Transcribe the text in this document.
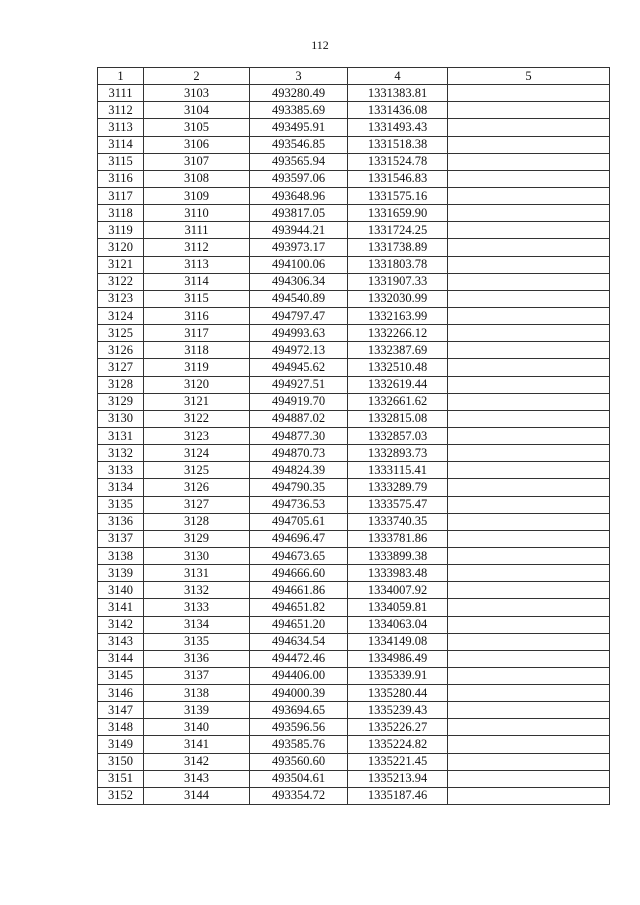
112
1	2	3	4	5
3111	3103	493280.49	1331383.81	
3112	3104	493385.69	1331436.08	
3113	3105	493495.91	1331493.43	
3114	3106	493546.85	1331518.38	
3115	3107	493565.94	1331524.78	
3116	3108	493597.06	1331546.83	
3117	3109	493648.96	1331575.16	
3118	3110	493817.05	1331659.90	
3119	3111	493944.21	1331724.25	
3120	3112	493973.17	1331738.89	
3121	3113	494100.06	1331803.78	
3122	3114	494306.34	1331907.33	
3123	3115	494540.89	1332030.99	
3124	3116	494797.47	1332163.99	
3125	3117	494993.63	1332266.12	
3126	3118	494972.13	1332387.69	
3127	3119	494945.62	1332510.48	
3128	3120	494927.51	1332619.44	
3129	3121	494919.70	1332661.62	
3130	3122	494887.02	1332815.08	
3131	3123	494877.30	1332857.03	
3132	3124	494870.73	1332893.73	
3133	3125	494824.39	1333115.41	
3134	3126	494790.35	1333289.79	
3135	3127	494736.53	1333575.47	
3136	3128	494705.61	1333740.35	
3137	3129	494696.47	1333781.86	
3138	3130	494673.65	1333899.38	
3139	3131	494666.60	1333983.48	
3140	3132	494661.86	1334007.92	
3141	3133	494651.82	1334059.81	
3142	3134	494651.20	1334063.04	
3143	3135	494634.54	1334149.08	
3144	3136	494472.46	1334986.49	
3145	3137	494406.00	1335339.91	
3146	3138	494000.39	1335280.44	
3147	3139	493694.65	1335239.43	
3148	3140	493596.56	1335226.27	
3149	3141	493585.76	1335224.82	
3150	3142	493560.60	1335221.45	
3151	3143	493504.61	1335213.94	
3152	3144	493354.72	1335187.46	
